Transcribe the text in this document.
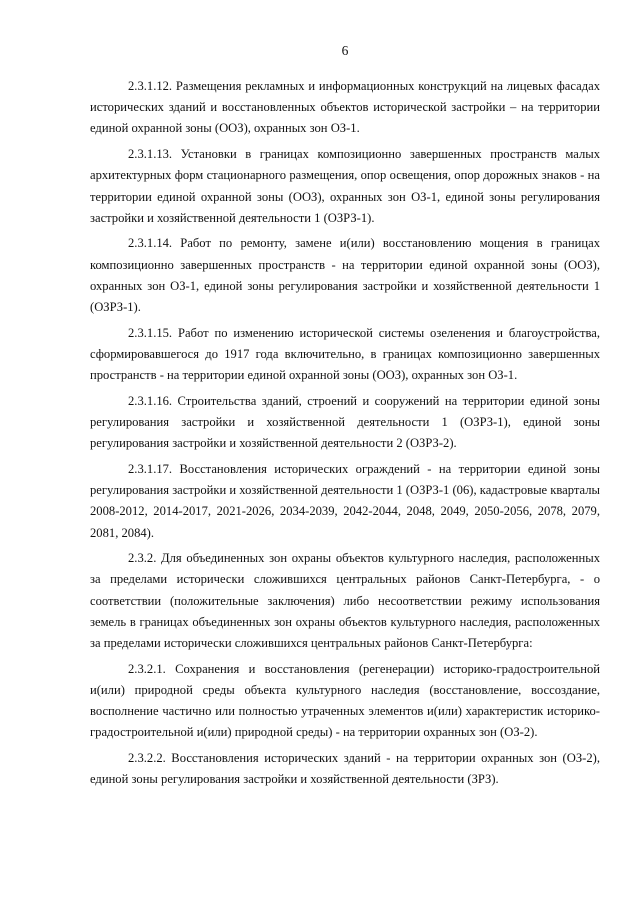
6

2.3.1.12. Размещения рекламных и информационных конструкций на лицевых фасадах исторических зданий и восстановленных объектов исторической застройки – на территории единой охранной зоны (ООЗ), охранных зон ОЗ-1.

2.3.1.13. Установки в границах композиционно завершенных пространств малых архитектурных форм стационарного размещения, опор освещения, опор дорожных знаков - на территории единой охранной зоны (ООЗ), охранных зон ОЗ-1, единой зоны регулирования застройки и хозяйственной деятельности 1 (ОЗРЗ-1).

2.3.1.14. Работ по ремонту, замене и(или) восстановлению мощения в границах композиционно завершенных пространств - на территории единой охранной зоны (ООЗ), охранных зон ОЗ-1, единой зоны регулирования застройки и хозяйственной деятельности 1 (ОЗРЗ-1).

2.3.1.15. Работ по изменению исторической системы озеленения и благоустройства, сформировавшегося до 1917 года включительно, в границах композиционно завершенных пространств - на территории единой охранной зоны (ООЗ), охранных зон ОЗ-1.

2.3.1.16. Строительства зданий, строений и сооружений на территории единой зоны регулирования застройки и хозяйственной деятельности 1 (ОЗРЗ-1), единой зоны регулирования застройки и хозяйственной деятельности 2 (ОЗРЗ-2).

2.3.1.17. Восстановления исторических ограждений - на территории единой зоны регулирования застройки и хозяйственной деятельности 1 (ОЗРЗ-1 (06), кадастровые кварталы 2008-2012, 2014-2017, 2021-2026, 2034-2039, 2042-2044, 2048, 2049, 2050-2056, 2078, 2079, 2081, 2084).

2.3.2. Для объединенных зон охраны объектов культурного наследия, расположенных за пределами исторически сложившихся центральных районов Санкт-Петербурга, - о соответствии (положительные заключения) либо несоответствии режиму использования земель в границах объединенных зон охраны объектов культурного наследия, расположенных за пределами исторически сложившихся центральных районов Санкт-Петербурга:

2.3.2.1. Сохранения и восстановления (регенерации) историко-градостроительной и(или) природной среды объекта культурного наследия (восстановление, воссоздание, восполнение частично или полностью утраченных элементов и(или) характеристик историко-градостроительной и(или) природной среды) - на территории охранных зон (ОЗ-2).

2.3.2.2. Восстановления исторических зданий - на территории охранных зон (ОЗ-2), единой зоны регулирования застройки и хозяйственной деятельности (ЗРЗ).
